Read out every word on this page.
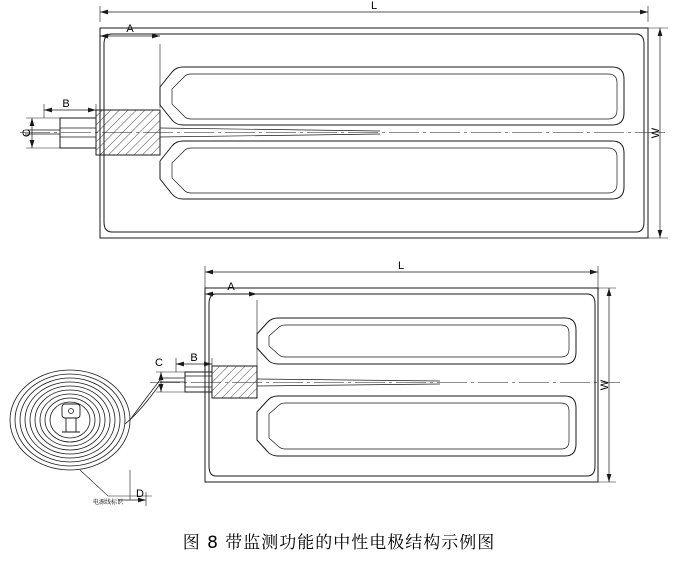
L
W
A
B
C
电源线标识
D
L
W
A
B
C
图 8 带监测功能的中性电极结构示例图
